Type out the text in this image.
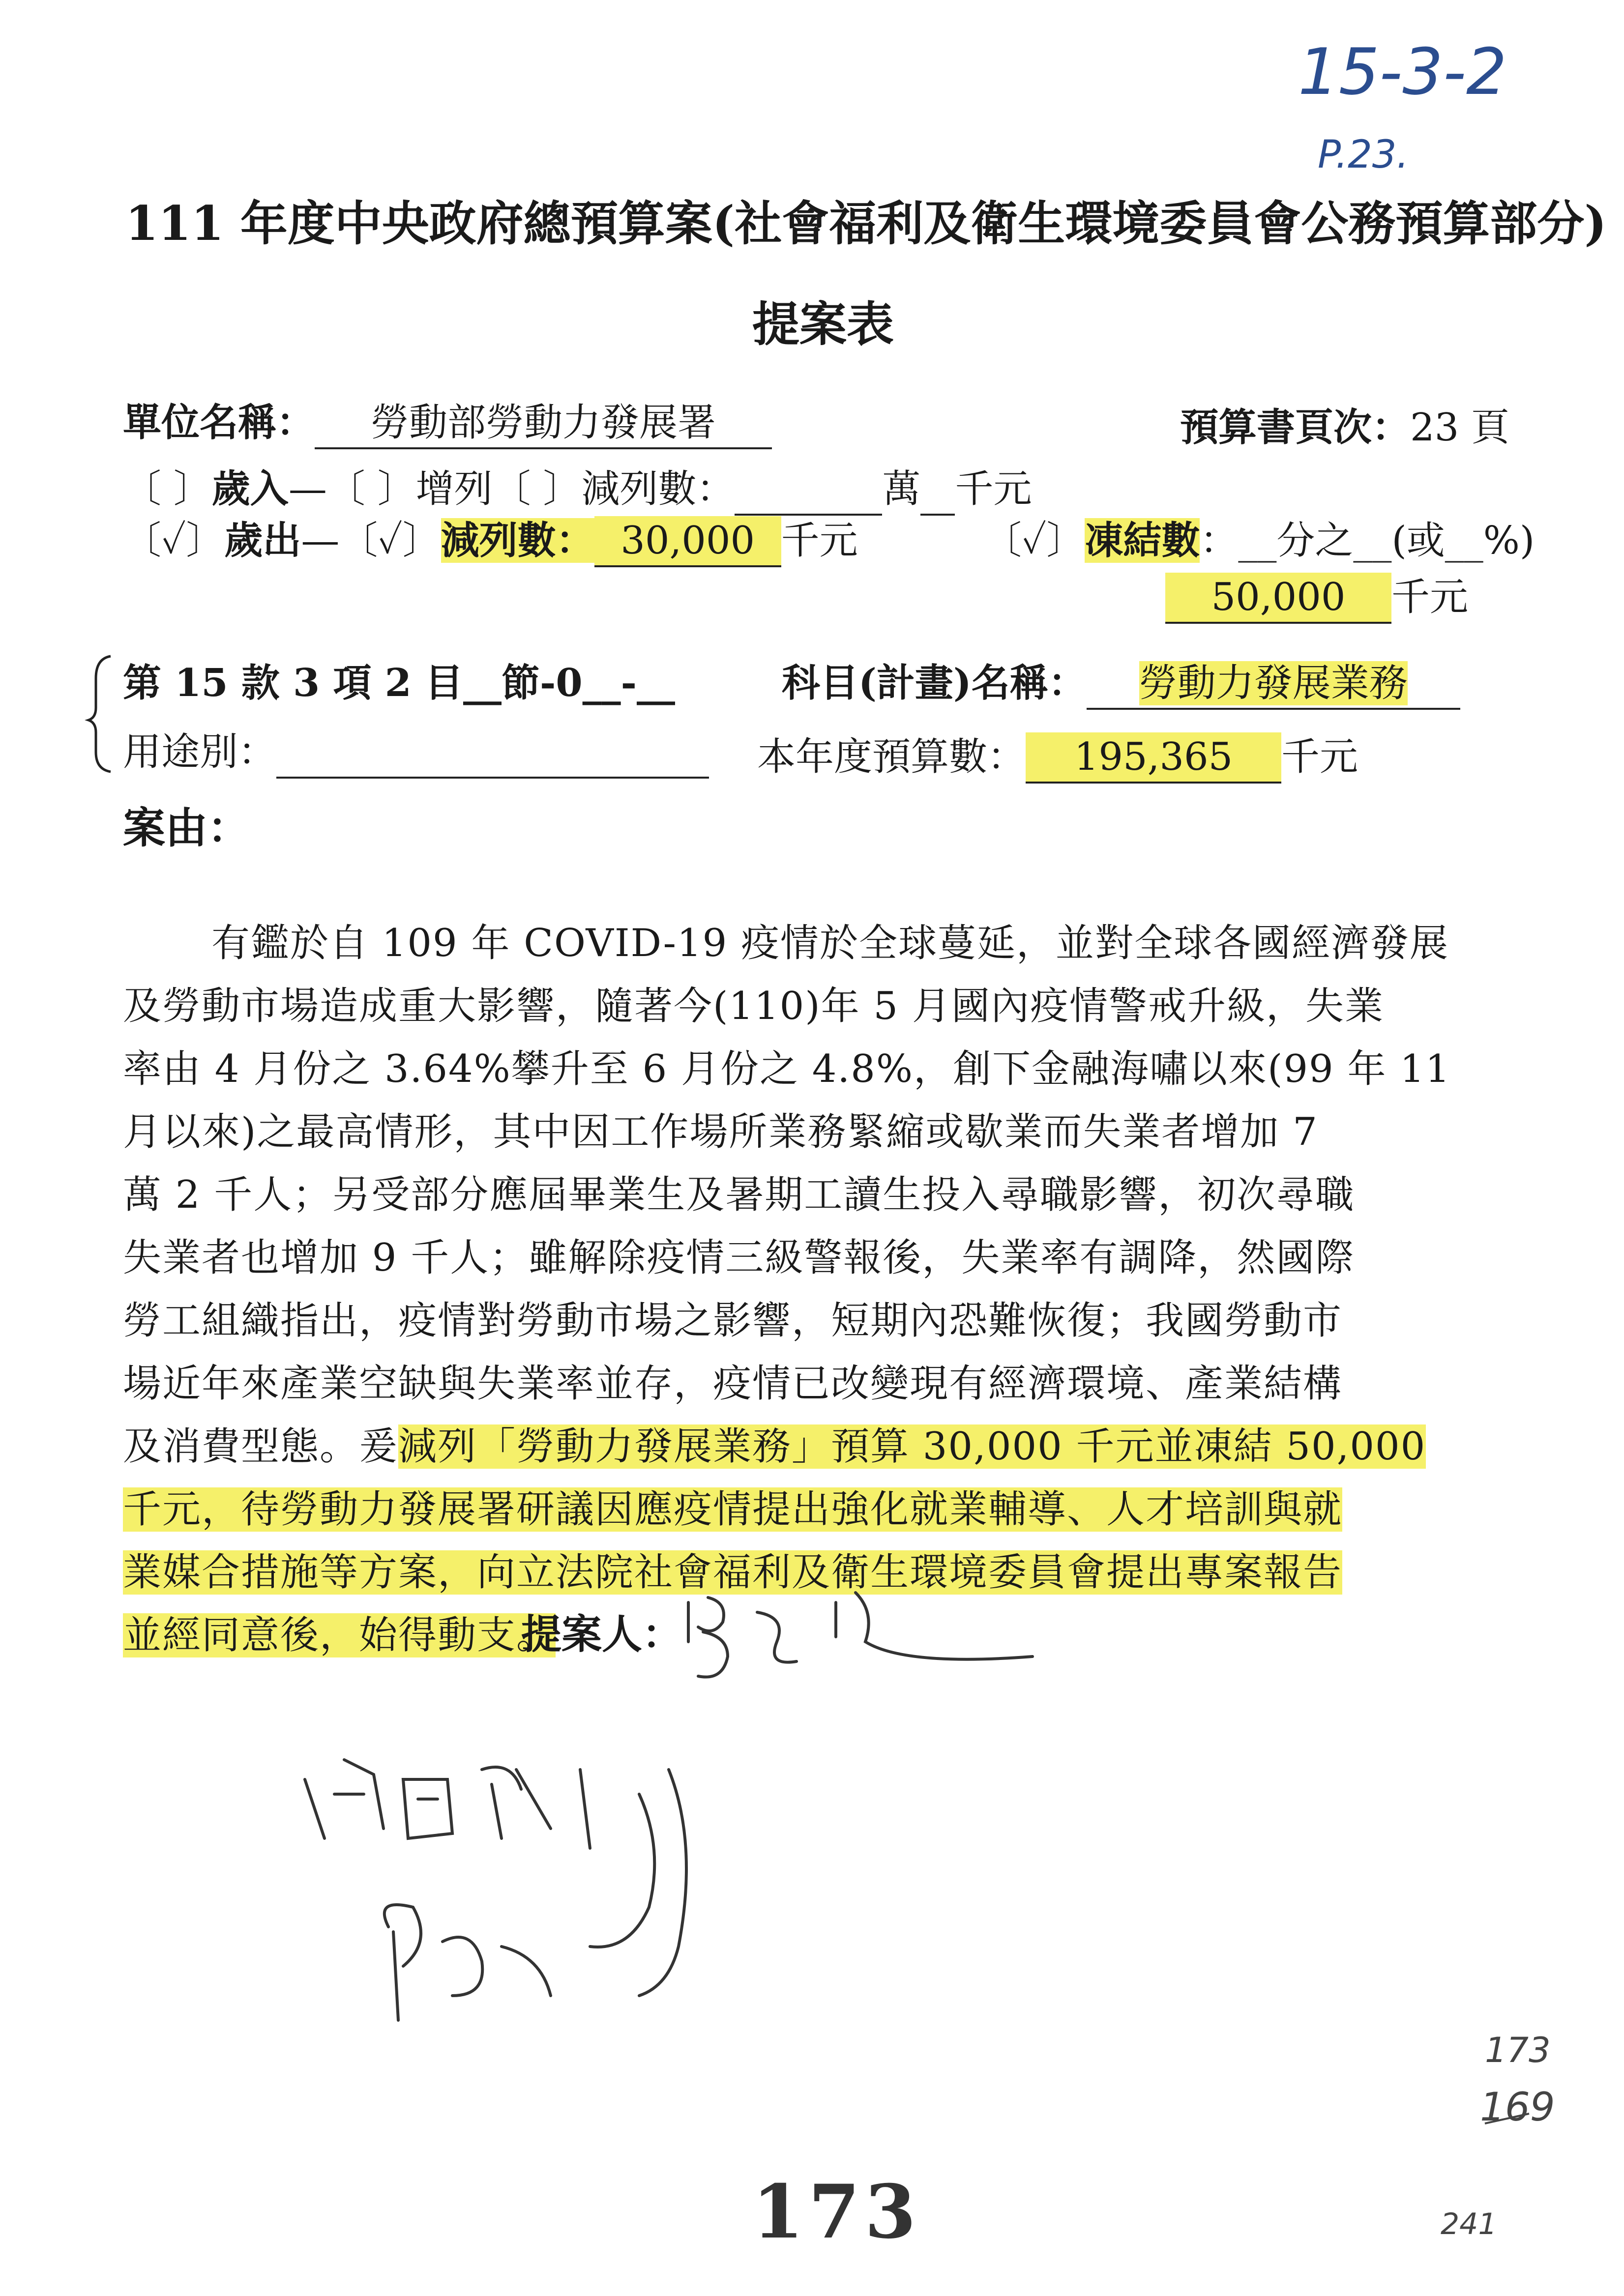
15-3-2
P.23.
111 年度中央政府總預算案(社會福利及衛生環境委員會公務預算部分)
提案表
單位名稱： 勞動部勞動力發展署	預算書頁次：23 頁
〔 〕歲入—〔 〕增列〔 〕減列數：	萬 千元
〔✓〕歲出—〔✓〕減列數： 30,000 千元	〔✓〕凍結數：__分之__(或__%)
50,000 千元
第 15 款 3 項 2 目__節-0__-__	科目(計畫)名稱： 勞動力發展業務
用途別：	本年度預算數： 195,365 千元
案由：
有鑑於自 109 年 COVID-19 疫情於全球蔓延，並對全球各國經濟發展
及勞動市場造成重大影響，隨著今(110)年 5 月國內疫情警戒升級，失業
率由 4 月份之 3.64%攀升至 6 月份之 4.8%，創下金融海嘯以來(99 年 11
月以來)之最高情形，其中因工作場所業務緊縮或歇業而失業者增加 7
萬 2 千人；另受部分應屆畢業生及暑期工讀生投入尋職影響，初次尋職
失業者也增加 9 千人；雖解除疫情三級警報後，失業率有調降，然國際
勞工組織指出，疫情對勞動市場之影響，短期內恐難恢復；我國勞動市
場近年來產業空缺與失業率並存，疫情已改變現有經濟環境、產業結構
及消費型態。爰減列「勞動力發展業務」預算 30,000 千元並凍結 50,000
千元，待勞動力發展署研議因應疫情提出強化就業輔導、人才培訓與就
業媒合措施等方案，向立法院社會福利及衛生環境委員會提出專案報告
並經同意後，始得動支。
提案人：
173
169
241
173
